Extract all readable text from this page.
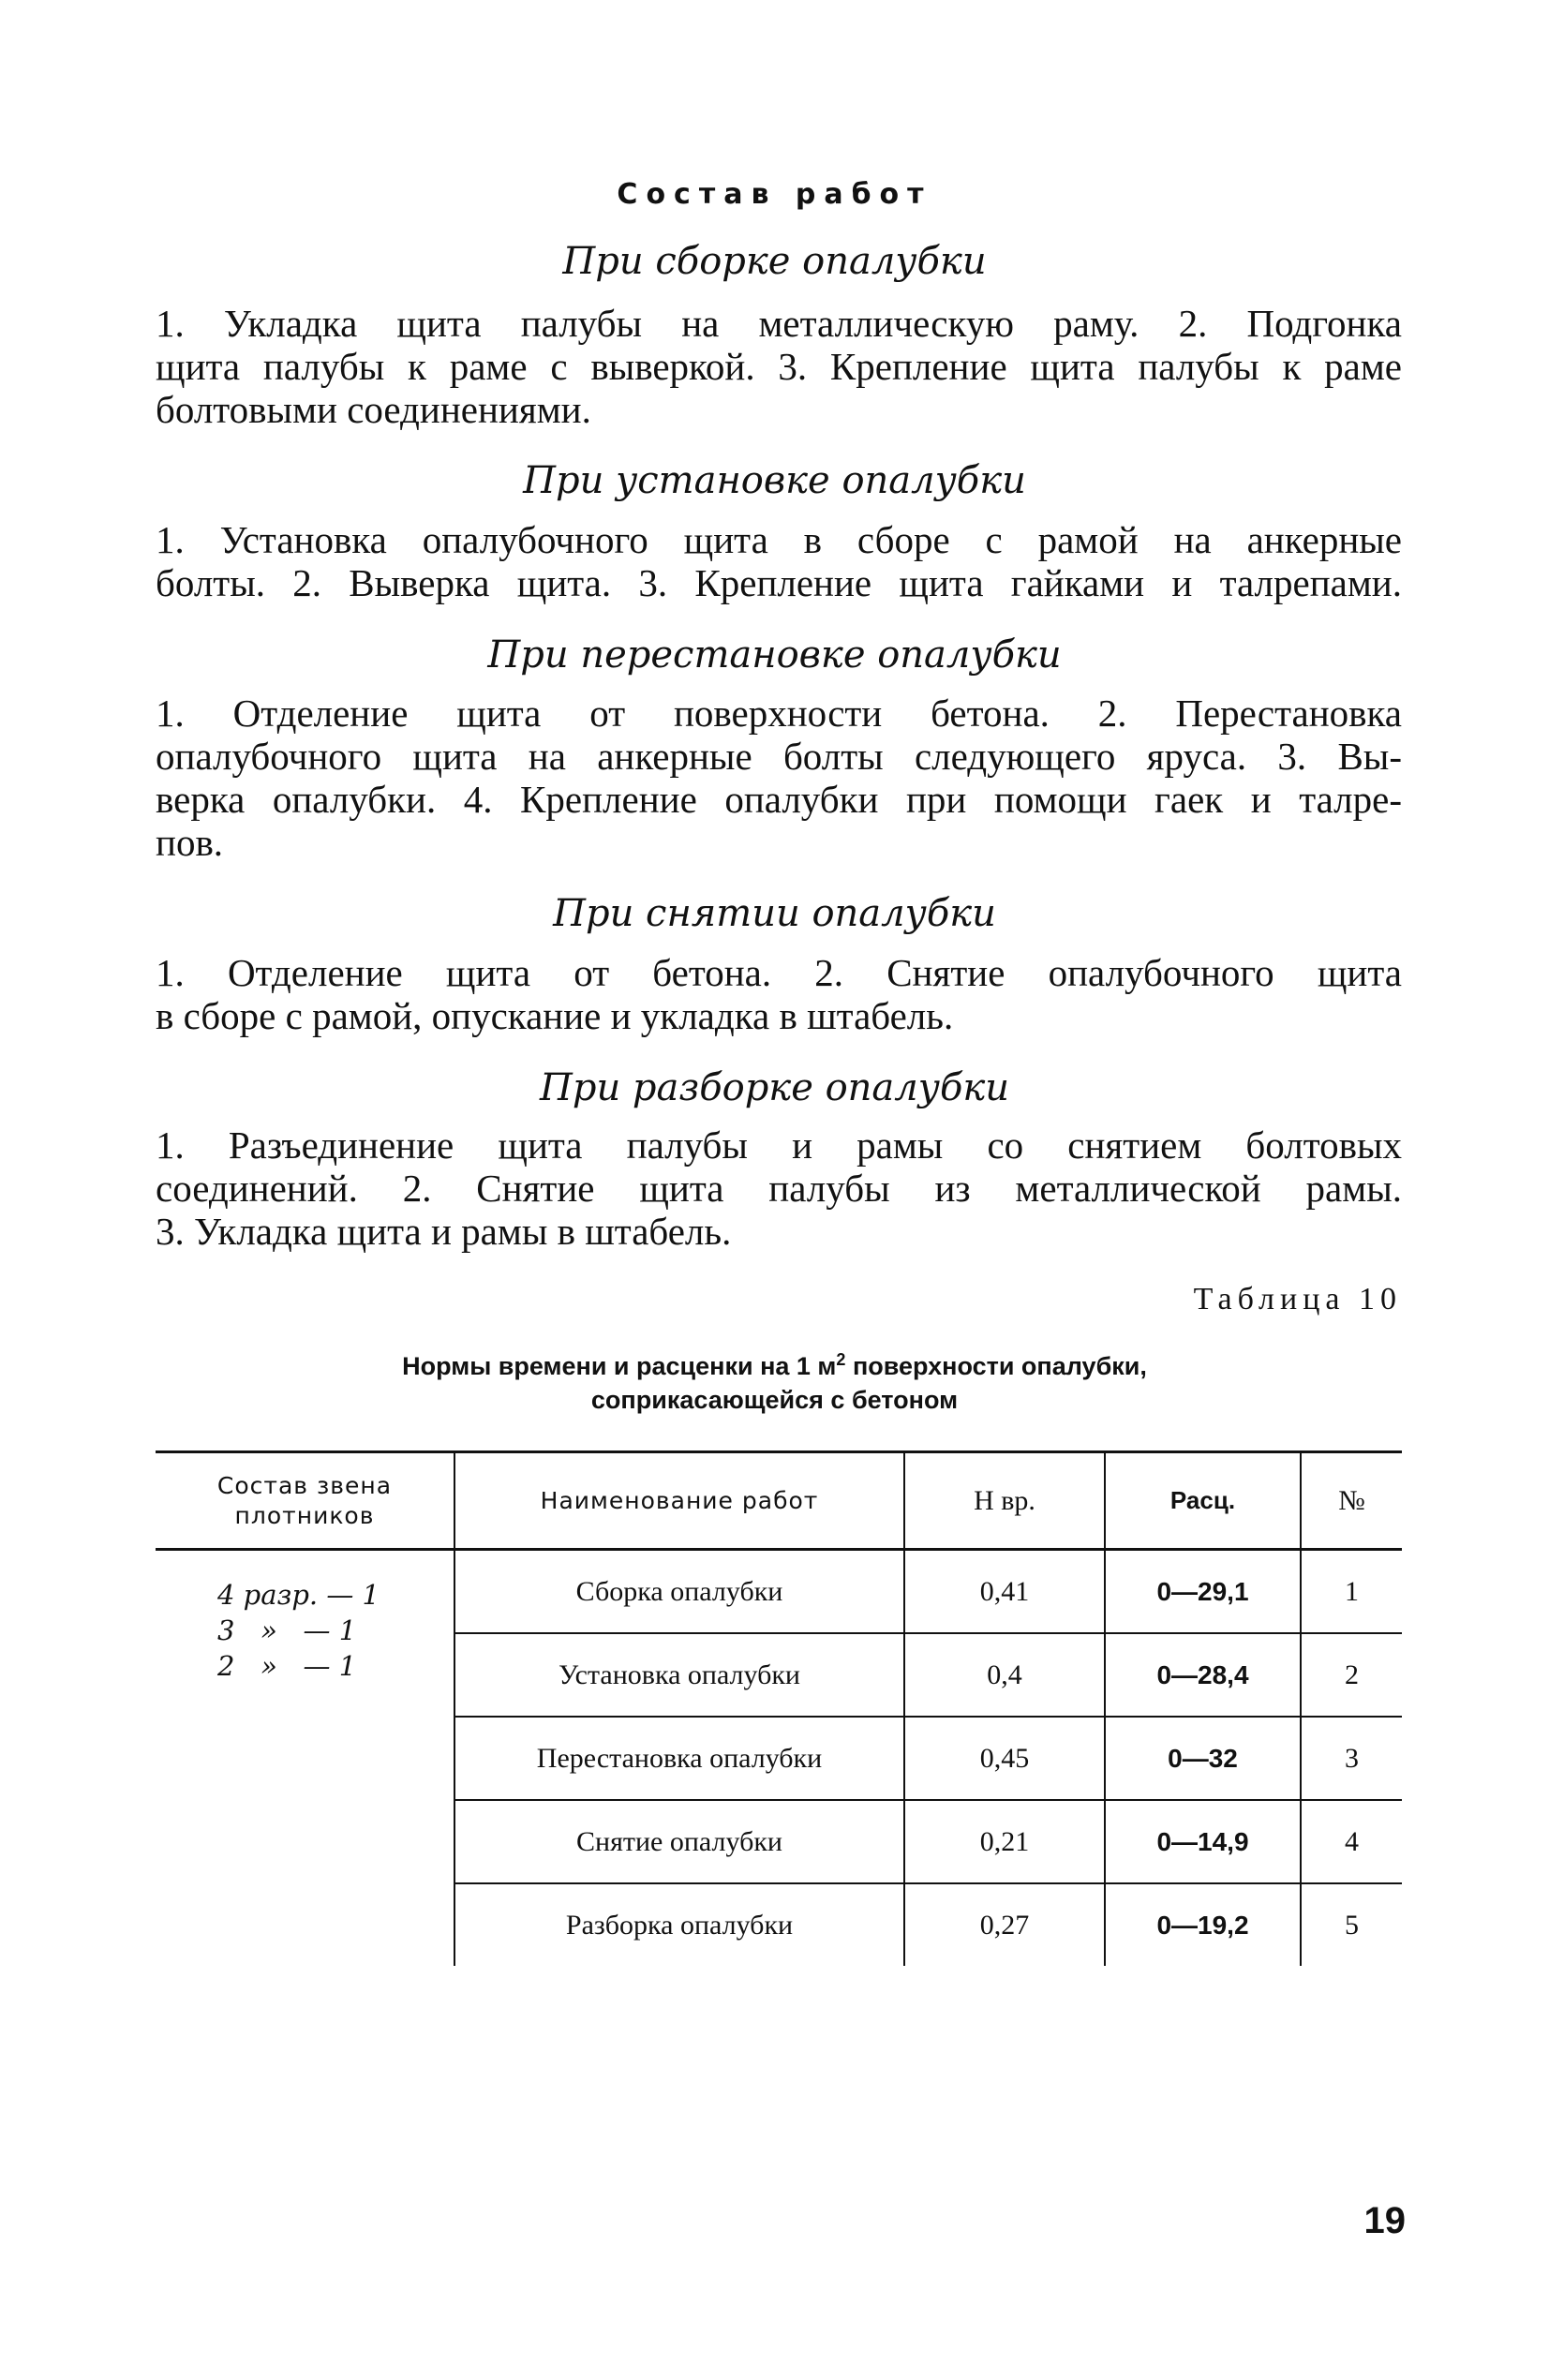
Состав работ
При сборке опалубки
1. Укладка щита палубы на металлическую раму. 2. Подгонка
щита палубы к раме с выверкой. 3. Крепление щита палубы к раме
болтовыми соединениями.
При установке опалубки
1. Установка опалубочного щита в сборе с рамой на анкерные
болты. 2. Выверка щита. 3. Крепление щита гайками и талрепами.
При перестановке опалубки
1. Отделение щита от поверхности бетона. 2. Перестановка
опалубочного щита на анкерные болты следующего яруса. 3. Вы-
верка опалубки. 4. Крепление опалубки при помощи гаек и талре-
пов.
При снятии опалубки
1. Отделение щита от бетона. 2. Снятие опалубочного щита
в сборе с рамой, опускание и укладка в штабель.
При разборке опалубки
1. Разъединение щита палубы и рамы со снятием болтовых
соединений. 2. Снятие щита палубы из металлической рамы.
3. Укладка щита и рамы в штабель.
Таблица 10
Нормы времени и расценки на 1 $м^2$ поверхности опалубки,
соприкасающейся с бетоном
Состав звена
плотников
Наименование работ	Н вр.	Расц.	№
4 разр. — 1
3   »   — 1
2   »   — 1
Сборка опалубки	0,41	0—29,1	1
Установка опалубки	0,4	0—28,4	2
Перестановка опалубки	0,45	0—32	3
Снятие опалубки	0,21	0—14,9	4
Разборка опалубки	0,27	0—19,2	5
19
